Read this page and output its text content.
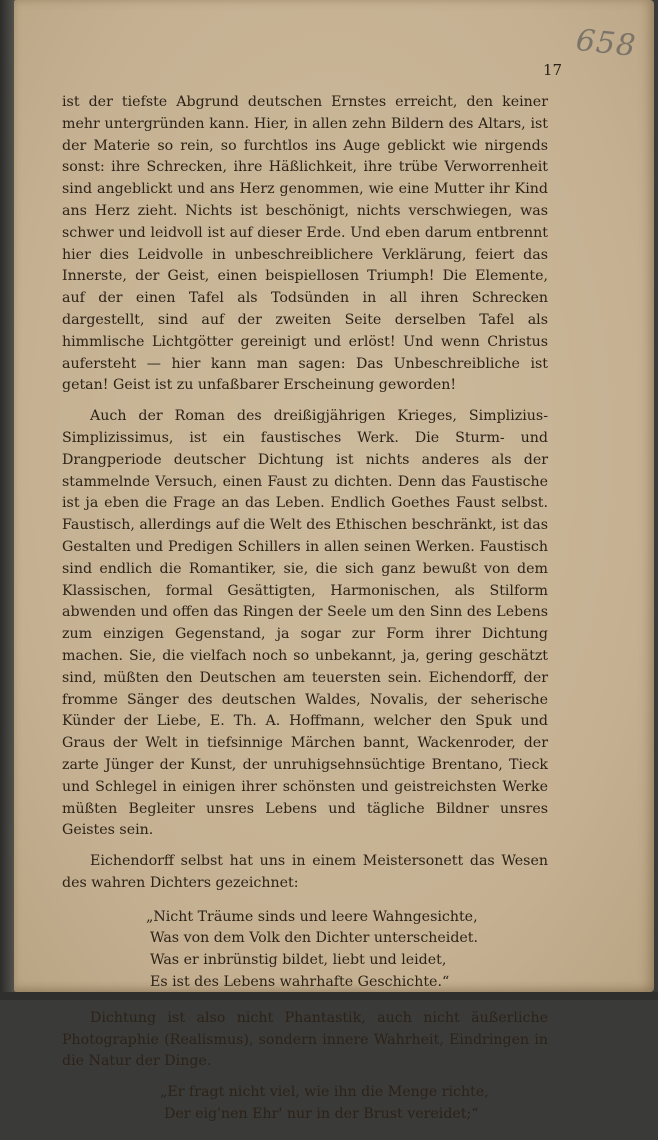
658
17

ist der tiefste Abgrund deutschen Ernstes erreicht, den keiner mehr untergründen kann. Hier, in allen zehn Bildern des Altars, ist der Materie so rein, so furchtlos ins Auge geblickt wie nirgends sonst: ihre Schrecken, ihre Häßlichkeit, ihre trübe Verworrenheit sind angeblickt und ans Herz genommen, wie eine Mutter ihr Kind ans Herz zieht. Nichts ist beschönigt, nichts verschwiegen, was schwer und leidvoll ist auf dieser Erde. Und eben darum entbrennt hier dies Leidvolle in unbeschreiblichere Verklärung, feiert das Innerste, der Geist, einen beispiellosen Triumph! Die Elemente, auf der einen Tafel als Todsünden in all ihren Schrecken dargestellt, sind auf der zweiten Seite derselben Tafel als himmlische Lichtgötter gereinigt und erlöst! Und wenn Christus aufersteht — hier kann man sagen: Das Unbeschreibliche ist getan! Geist ist zu unfaßbarer Erscheinung geworden!

Auch der Roman des dreißigjährigen Krieges, Simplizius-Simplizissimus, ist ein faustisches Werk. Die Sturm- und Drangperiode deutscher Dichtung ist nichts anderes als der stammelnde Versuch, einen Faust zu dichten. Denn das Faustische ist ja eben die Frage an das Leben. Endlich Goethes Faust selbst. Faustisch, allerdings auf die Welt des Ethischen beschränkt, ist das Gestalten und Predigen Schillers in allen seinen Werken. Faustisch sind endlich die Romantiker, sie, die sich ganz bewußt von dem Klassischen, formal Gesättigten, Harmonischen, als Stilform abwenden und offen das Ringen der Seele um den Sinn des Lebens zum einzigen Gegenstand, ja sogar zur Form ihrer Dichtung machen. Sie, die vielfach noch so unbekannt, ja, gering geschätzt sind, müßten den Deutschen am teuersten sein. Eichendorff, der fromme Sänger des deutschen Waldes, Novalis, der seherische Künder der Liebe, E. Th. A. Hoffmann, welcher den Spuk und Graus der Welt in tiefsinnige Märchen bannt, Wackenroder, der zarte Jünger der Kunst, der unruhigsehnsüchtige Brentano, Tieck und Schlegel in einigen ihrer schönsten und geistreichsten Werke müßten Begleiter unsres Lebens und tägliche Bildner unsres Geistes sein.

Eichendorff selbst hat uns in einem Meistersonett das Wesen des wahren Dichters gezeichnet:

„Nicht Träume sinds und leere Wahngesichte,
Was von dem Volk den Dichter unterscheidet.
Was er inbrünstig bildet, liebt und leidet,
Es ist des Lebens wahrhafte Geschichte.“

Dichtung ist also nicht Phantastik, auch nicht äußerliche Photographie (Realismus), sondern innere Wahrheit, Eindringen in die Natur der Dinge.

„Er fragt nicht viel, wie ihn die Menge richte,
Der eig'nen Ehr' nur in der Brust vereidet;“
